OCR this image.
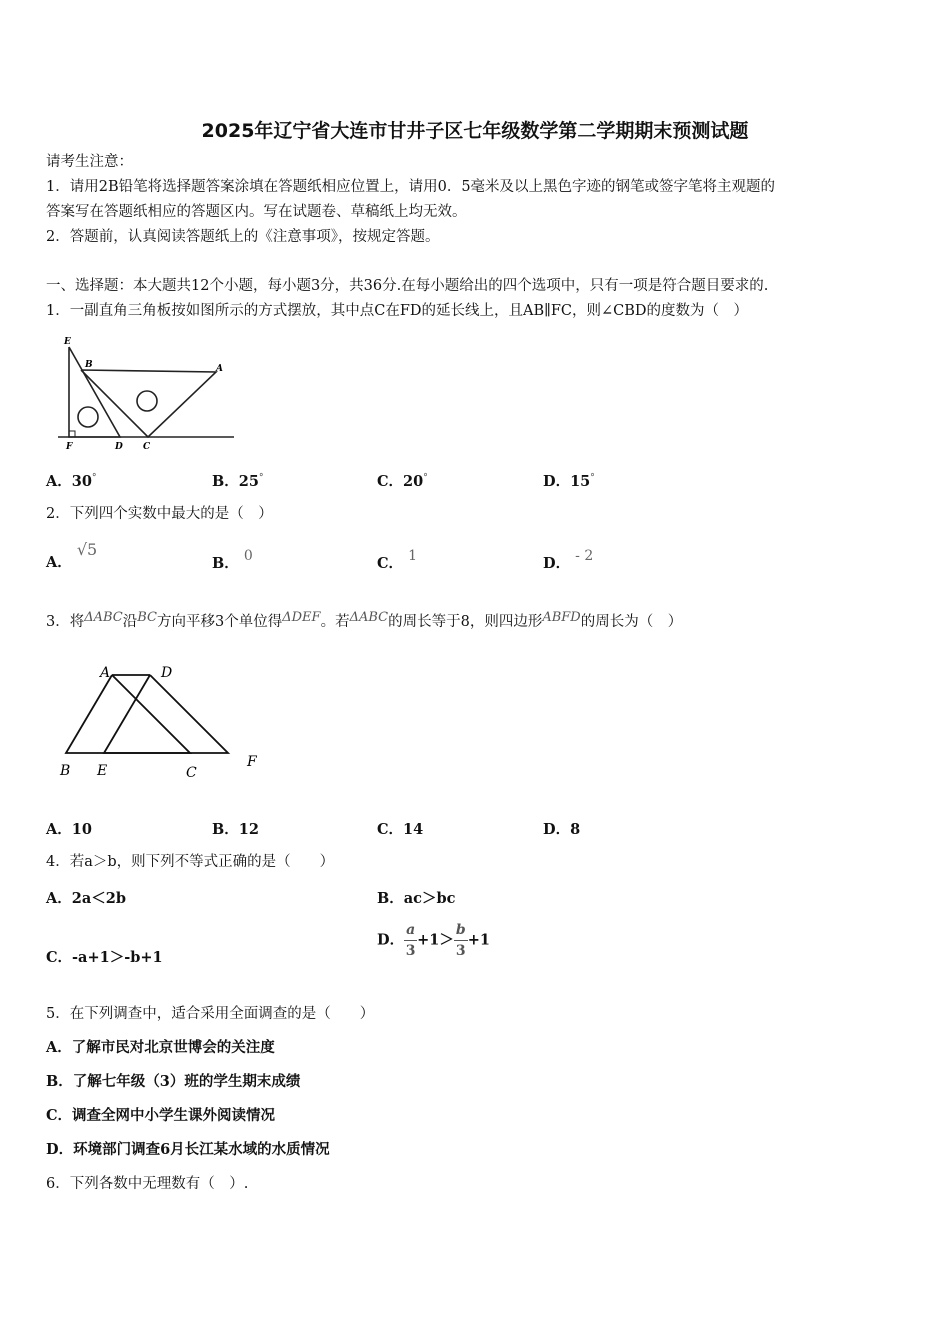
2025年辽宁省大连市甘井子区七年级数学第二学期期末预测试题
请考生注意：
1．请用2B铅笔将选择题答案涂填在答题纸相应位置上，请用0．5毫米及以上黑色字迹的钢笔或签字笔将主观题的
答案写在答题纸相应的答题区内。写在试题卷、草稿纸上均无效。
2．答题前，认真阅读答题纸上的《注意事项》，按规定答题。
一、选择题：本大题共12个小题，每小题3分，共36分.在每小题给出的四个选项中，只有一项是符合题目要求的.
1．一副直角三角板按如图所示的方式摆放，其中点C在FD的延长线上，且AB∥FC，则∠CBD的度数为（　）
E
B	A
F	D C
A．30°	B．25°	C．20°	D．15°
2．下列四个实数中最大的是（　）
A． √5
B． 0	C． 1	D． - 2
3．将ΔABC沿BC方向平移3个单位得ΔDEF。若ΔABC的周长等于8，则四边形ABFD的周长为（　）
A	D
B E	C
F
A．10	B．12	C．14	D．8
4．若a＞b，则下列不等式正确的是（　　）
A．2a＜2b	B．ac＞bc
C．-a+1＞-b+1
D． $\frac{a}{3} +1> \frac{b}{3} +1$
5．在下列调查中，适合采用全面调查的是（　　）
A．了解市民对北京世博会的关注度
B．了解七年级（3）班的学生期末成绩
C．调查全网中小学生课外阅读情况
D．环境部门调查6月长江某水域的水质情况
6．下列各数中无理数有（　）.
